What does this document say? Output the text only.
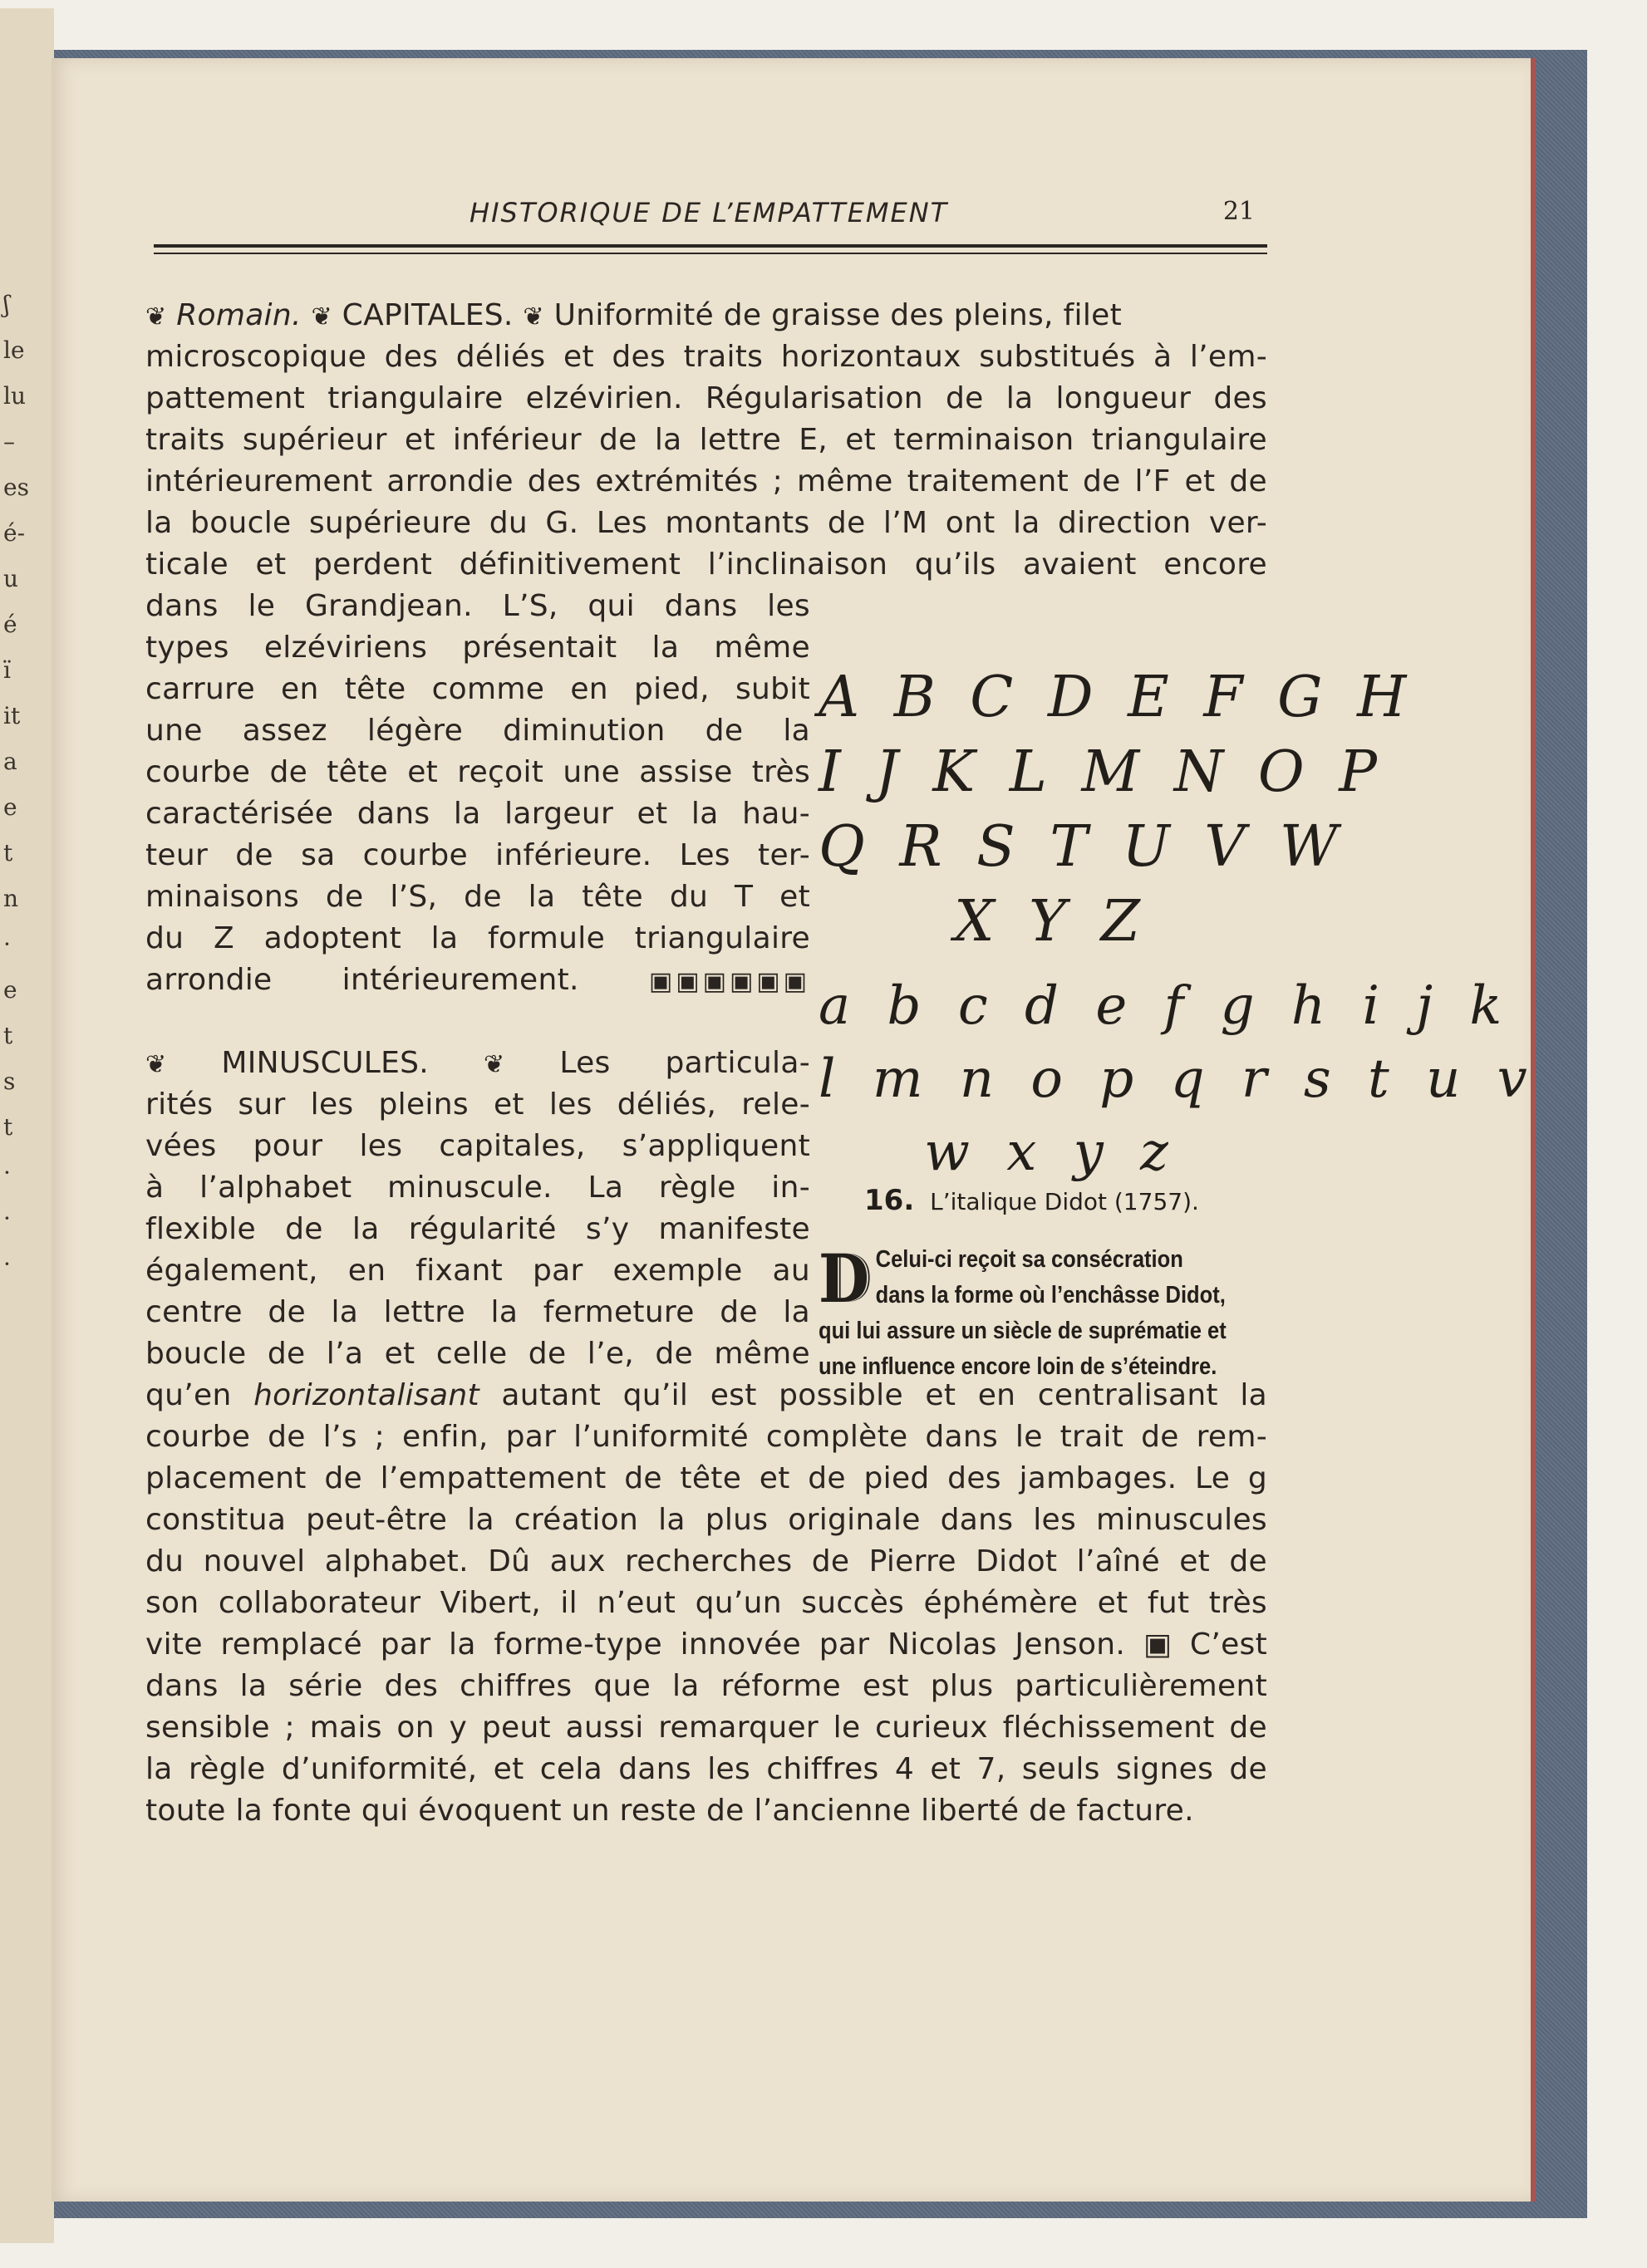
ʃ
le
lu
–
es
é-
u
é
ï
it
a
e
t
n
·
e
t
s
t
·
·
·
HISTORIQUE DE L’EMPATTEMENT	21
❦ Romain. ❦ CAPITALES. ❦ Uniformité de graisse des pleins, filet
microscopique des déliés et des traits horizontaux substitués à l’em-
pattement triangulaire elzévirien. Régularisation de la longueur des
traits supérieur et inférieur de la lettre E, et terminaison triangulaire
intérieurement arrondie des extrémités ; même traitement de l’F et de
la boucle supérieure du G. Les montants de l’M ont la direction ver-
ticale et perdent définitivement l’inclinaison qu’ils avaient encore
dans le Grandjean. L’S, qui dans les
types elzéviriens présentait la même
carrure en tête comme en pied, subit
une assez légère diminution de la
courbe de tête et reçoit une assise très
caractérisée dans la largeur et la hau-
teur de sa courbe inférieure. Les ter-
minaisons de l’S, de la tête du T et
du Z adoptent la formule triangulaire
arrondie intérieurement.	▣▣▣▣▣▣
❦ MINUSCULES. ❦ Les particula-
rités sur les pleins et les déliés, rele-
vées pour les capitales, s’appliquent
à l’alphabet minuscule. La règle in-
flexible de la régularité s’y manifeste
également, en fixant par exemple au
centre de la lettre la fermeture de la
boucle de l’a et celle de l’e, de même
qu’en horizontalisant autant qu’il est possible et en centralisant la
courbe de l’s ; enfin, par l’uniformité complète dans le trait de rem-
placement de l’empattement de tête et de pied des jambages. Le g
constitua peut-être la création la plus originale dans les minuscules
du nouvel alphabet. Dû aux recherches de Pierre Didot l’aîné et de
son collaborateur Vibert, il n’eut qu’un succès éphémère et fut très
vite remplacé par la forme-type innovée par Nicolas Jenson. ▣ C’est
dans la série des chiffres que la réforme est plus particulièrement
sensible ; mais on y peut aussi remarquer le curieux fléchissement de
la règle d’uniformité, et cela dans les chiffres 4 et 7, seuls signes de
toute la fonte qui évoquent un reste de l’ancienne liberté de facture.
A B C D E F G H
I J K L M N O P
Q R S T U V W
X Y Z
a b c d e f g h i j k
l m n o p q r s t u v
w x y z
16. L’italique Didot (1757).
D Celui-ci reçoit sa consécration
dans la forme où l’enchâsse Didot,
qui lui assure un siècle de suprématie et
une influence encore loin de s’éteindre.
